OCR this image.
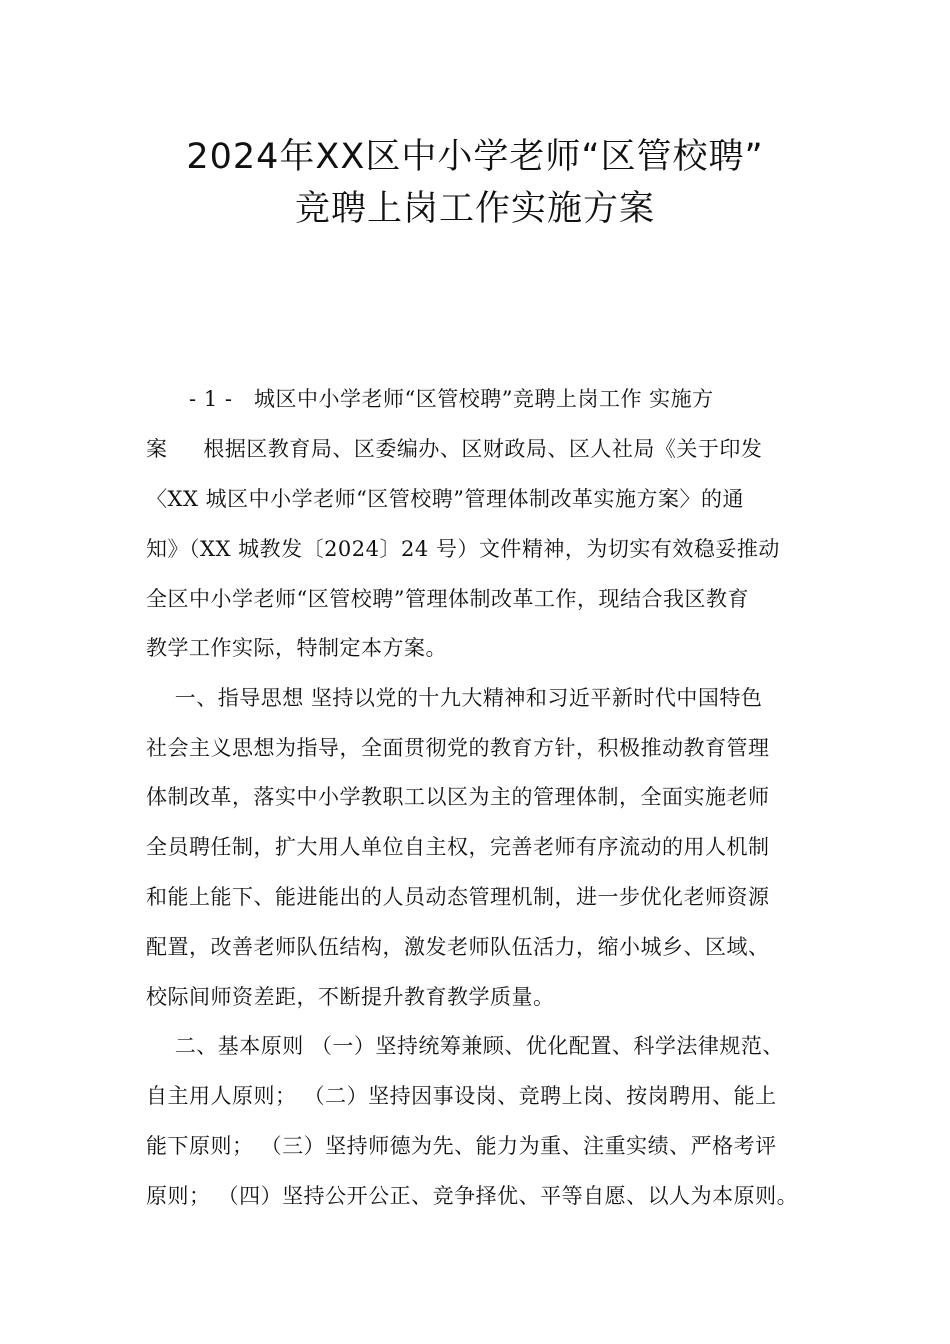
2024年XX区中小学老师“区管校聘”
竞聘上岗工作实施方案
- 1 -   城区中小学老师“区管校聘”竞聘上岗工作 实施方
案     根据区教育局、区委编办、区财政局、区人社局《关于印发
〈XX 城区中小学老师“区管校聘”管理体制改革实施方案〉的通
知》（XX 城教发〔2024〕24 号）文件精神，为切实有效稳妥推动
全区中小学老师“区管校聘”管理体制改革工作，现结合我区教育
教学工作实际，特制定本方案。
一、指导思想 坚持以党的十九大精神和习近平新时代中国特色
社会主义思想为指导，全面贯彻党的教育方针，积极推动教育管理
体制改革，落实中小学教职工以区为主的管理体制，全面实施老师
全员聘任制，扩大用人单位自主权，完善老师有序流动的用人机制
和能上能下、能进能出的人员动态管理机制，进一步优化老师资源
配置，改善老师队伍结构，激发老师队伍活力，缩小城乡、区域、
校际间师资差距，不断提升教育教学质量。
二、基本原则 （一）坚持统筹兼顾、优化配置、科学法律规范、
自主用人原则； （二）坚持因事设岗、竞聘上岗、按岗聘用、能上
能下原则； （三）坚持师德为先、能力为重、注重实绩、严格考评
原则； （四）坚持公开公正、竞争择优、平等自愿、以人为本原则。
